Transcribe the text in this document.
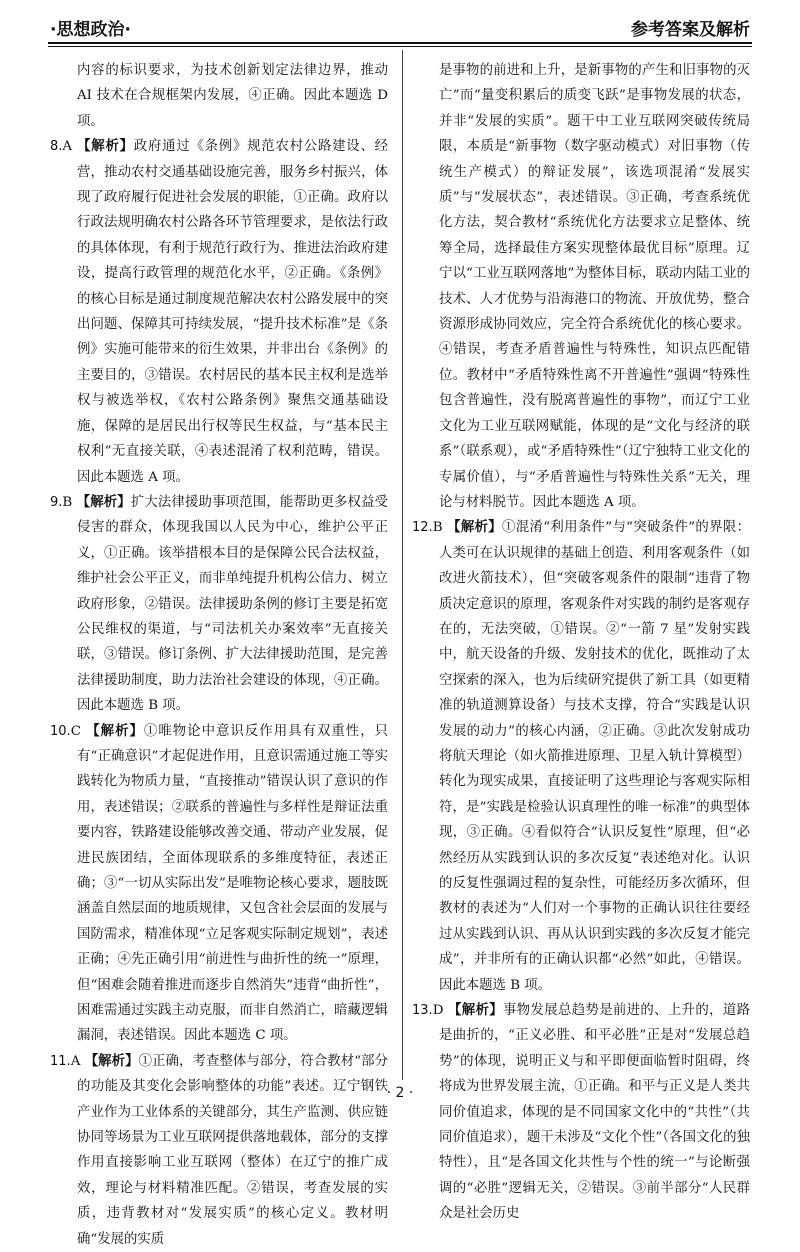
·思想政治·	参考答案及解析

内容的标识要求，为技术创新划定法律边界，推动 AI 技术在合规框架内发展，④正确。因此本题选 D 项。

8.A 【解析】政府通过《条例》规范农村公路建设、经营，推动农村交通基础设施完善，服务乡村振兴，体现了政府履行促进社会发展的职能，①正确。政府以行政法规明确农村公路各环节管理要求，是依法行政的具体体现，有利于规范行政行为、推进法治政府建设，提高行政管理的规范化水平，②正确。《条例》的核心目标是通过制度规范解决农村公路发展中的突出问题、保障其可持续发展，“提升技术标准”是《条例》实施可能带来的衍生效果，并非出台《条例》的主要目的，③错误。农村居民的基本民主权利是选举权与被选举权，《农村公路条例》聚焦交通基础设施，保障的是居民出行权等民生权益，与“基本民主权利”无直接关联，④表述混淆了权利范畴，错误。因此本题选 A 项。

9.B 【解析】扩大法律援助事项范围，能帮助更多权益受侵害的群众，体现我国以人民为中心，维护公平正义，①正确。该举措根本目的是保障公民合法权益，维护社会公平正义，而非单纯提升机构公信力、树立政府形象，②错误。法律援助条例的修订主要是拓宽公民维权的渠道，与“司法机关办案效率”无直接关联，③错误。修订条例、扩大法律援助范围，是完善法律援助制度，助力法治社会建设的体现，④正确。因此本题选 B 项。

10.C 【解析】①唯物论中意识反作用具有双重性，只有“正确意识”才起促进作用，且意识需通过施工等实践转化为物质力量，“直接推动”错误认识了意识的作用，表述错误；②联系的普遍性与多样性是辩证法重要内容，铁路建设能够改善交通、带动产业发展，促进民族团结，全面体现联系的多维度特征，表述正确；③“一切从实际出发”是唯物论核心要求，题肢既涵盖自然层面的地质规律，又包含社会层面的发展与国防需求，精准体现“立足客观实际制定规划”，表述正确；④先正确引用“前进性与曲折性的统一”原理，但“困难会随着推进而逐步自然消失”违背“曲折性”，困难需通过实践主动克服，而非自然消亡，暗藏逻辑漏洞，表述错误。因此本题选 C 项。

11.A 【解析】①正确，考查整体与部分，符合教材“部分的功能及其变化会影响整体的功能”表述。辽宁钢铁产业作为工业体系的关键部分，其生产监测、供应链协同等场景为工业互联网提供落地载体，部分的支撑作用直接影响工业互联网（整体）在辽宁的推广成效，理论与材料精准匹配。②错误，考查发展的实质，违背教材对“发展实质”的核心定义。教材明确“发展的实质

是事物的前进和上升，是新事物的产生和旧事物的灭亡”而“量变积累后的质变飞跃”是事物发展的状态，并非“发展的实质”。题干中工业互联网突破传统局限，本质是“新事物（数字驱动模式）对旧事物（传统生产模式）的辩证发展”，该选项混淆“发展实质”与“发展状态”，表述错误。③正确，考查系统优化方法，契合教材“系统优化方法要求立足整体、统筹全局，选择最佳方案实现整体最优目标”原理。辽宁以“工业互联网落地”为整体目标，联动内陆工业的技术、人才优势与沿海港口的物流、开放优势，整合资源形成协同效应，完全符合系统优化的核心要求。④错误，考查矛盾普遍性与特殊性，知识点匹配错位。教材中“矛盾特殊性离不开普遍性”强调“特殊性包含普遍性，没有脱离普遍性的事物”，而辽宁工业文化为工业互联网赋能，体现的是“文化与经济的联系”（联系观），或“矛盾特殊性”（辽宁独特工业文化的专属价值），与“矛盾普遍性与特殊性关系”无关，理论与材料脱节。因此本题选 A 项。

12.B 【解析】①混淆“利用条件”与“突破条件”的界限：人类可在认识规律的基础上创造、利用客观条件（如改进火箭技术），但“突破客观条件的限制”违背了物质决定意识的原理，客观条件对实践的制约是客观存在的，无法突破，①错误。②“一箭 7 星”发射实践中，航天设备的升级、发射技术的优化，既推动了太空探索的深入，也为后续研究提供了新工具（如更精准的轨道测算设备）与技术支撑，符合“实践是认识发展的动力”的核心内涵，②正确。③此次发射成功将航天理论（如火箭推进原理、卫星入轨计算模型）转化为现实成果，直接证明了这些理论与客观实际相符，是“实践是检验认识真理性的唯一标准”的典型体现，③正确。④看似符合“认识反复性”原理，但“必然经历从实践到认识的多次反复”表述绝对化。认识的反复性强调过程的复杂性，可能经历多次循环，但教材的表述为“人们对一个事物的正确认识往往要经过从实践到认识、再从认识到实践的多次反复才能完成”，并非所有的正确认识都“必然”如此，④错误。因此本题选 B 项。

13.D 【解析】事物发展总趋势是前进的、上升的，道路是曲折的，“正义必胜、和平必胜”正是对“发展总趋势”的体现，说明正义与和平即便面临暂时阻碍，终将成为世界发展主流，①正确。和平与正义是人类共同价值追求，体现的是不同国家文化中的“共性”（共同价值追求），题干未涉及“文化个性”（各国文化的独特性），且“是各国文化共性与个性的统一”与论断强调的“必胜”逻辑无关，②错误。③前半部分“人民群众是社会历史

· 2 ·
